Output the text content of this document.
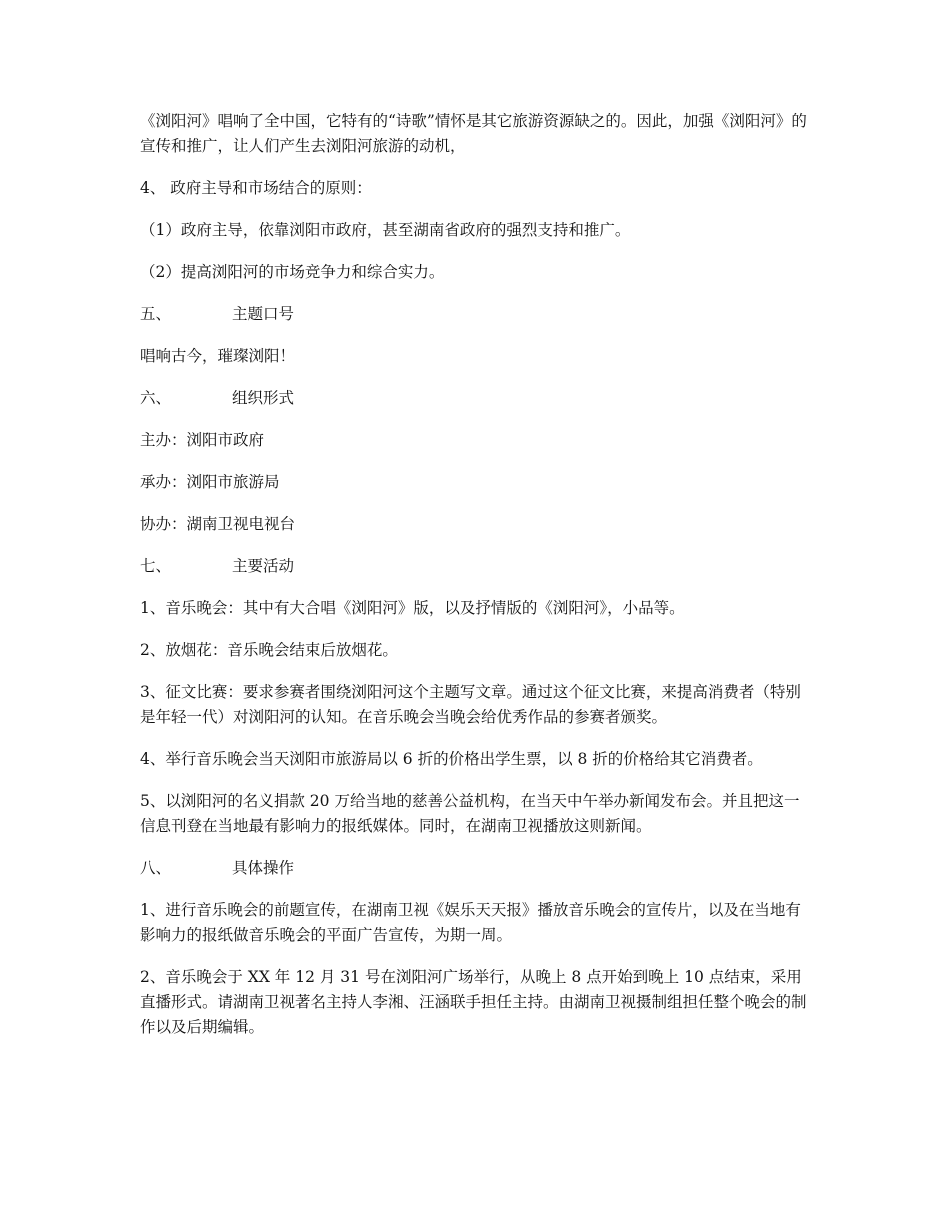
《浏阳河》唱响了全中国，它特有的“诗歌”情怀是其它旅游资源缺之的。因此，加强《浏阳河》的宣传和推广，让人们产生去浏阳河旅游的动机，

4、 政府主导和市场结合的原则：

（1）政府主导，依靠浏阳市政府，甚至湖南省政府的强烈支持和推广。

（2）提高浏阳河的市场竞争力和综合实力。

五、	主题口号

唱响古今，璀璨浏阳！

六、	组织形式

主办：浏阳市政府

承办：浏阳市旅游局

协办：湖南卫视电视台

七、	主要活动

1、音乐晚会：其中有大合唱《浏阳河》版，以及抒情版的《浏阳河》，小品等。

2、放烟花：音乐晚会结束后放烟花。

3、征文比赛：要求参赛者围绕浏阳河这个主题写文章。通过这个征文比赛，来提高消费者（特别是年轻一代）对浏阳河的认知。在音乐晚会当晚会给优秀作品的参赛者颁奖。

4、举行音乐晚会当天浏阳市旅游局以 6 折的价格出学生票，以 8 折的价格给其它消费者。

5、以浏阳河的名义捐款 20 万给当地的慈善公益机构，在当天中午举办新闻发布会。并且把这一信息刊登在当地最有影响力的报纸媒体。同时，在湖南卫视播放这则新闻。

八、	具体操作

1、进行音乐晚会的前题宣传，在湖南卫视《娱乐天天报》播放音乐晚会的宣传片，以及在当地有影响力的报纸做音乐晚会的平面广告宣传，为期一周。

2、音乐晚会于 XX 年 12 月 31 号在浏阳河广场举行，从晚上 8 点开始到晚上 10 点结束，采用直播形式。请湖南卫视著名主持人李湘、汪涵联手担任主持。由湖南卫视摄制组担任整个晚会的制作以及后期编辑。
